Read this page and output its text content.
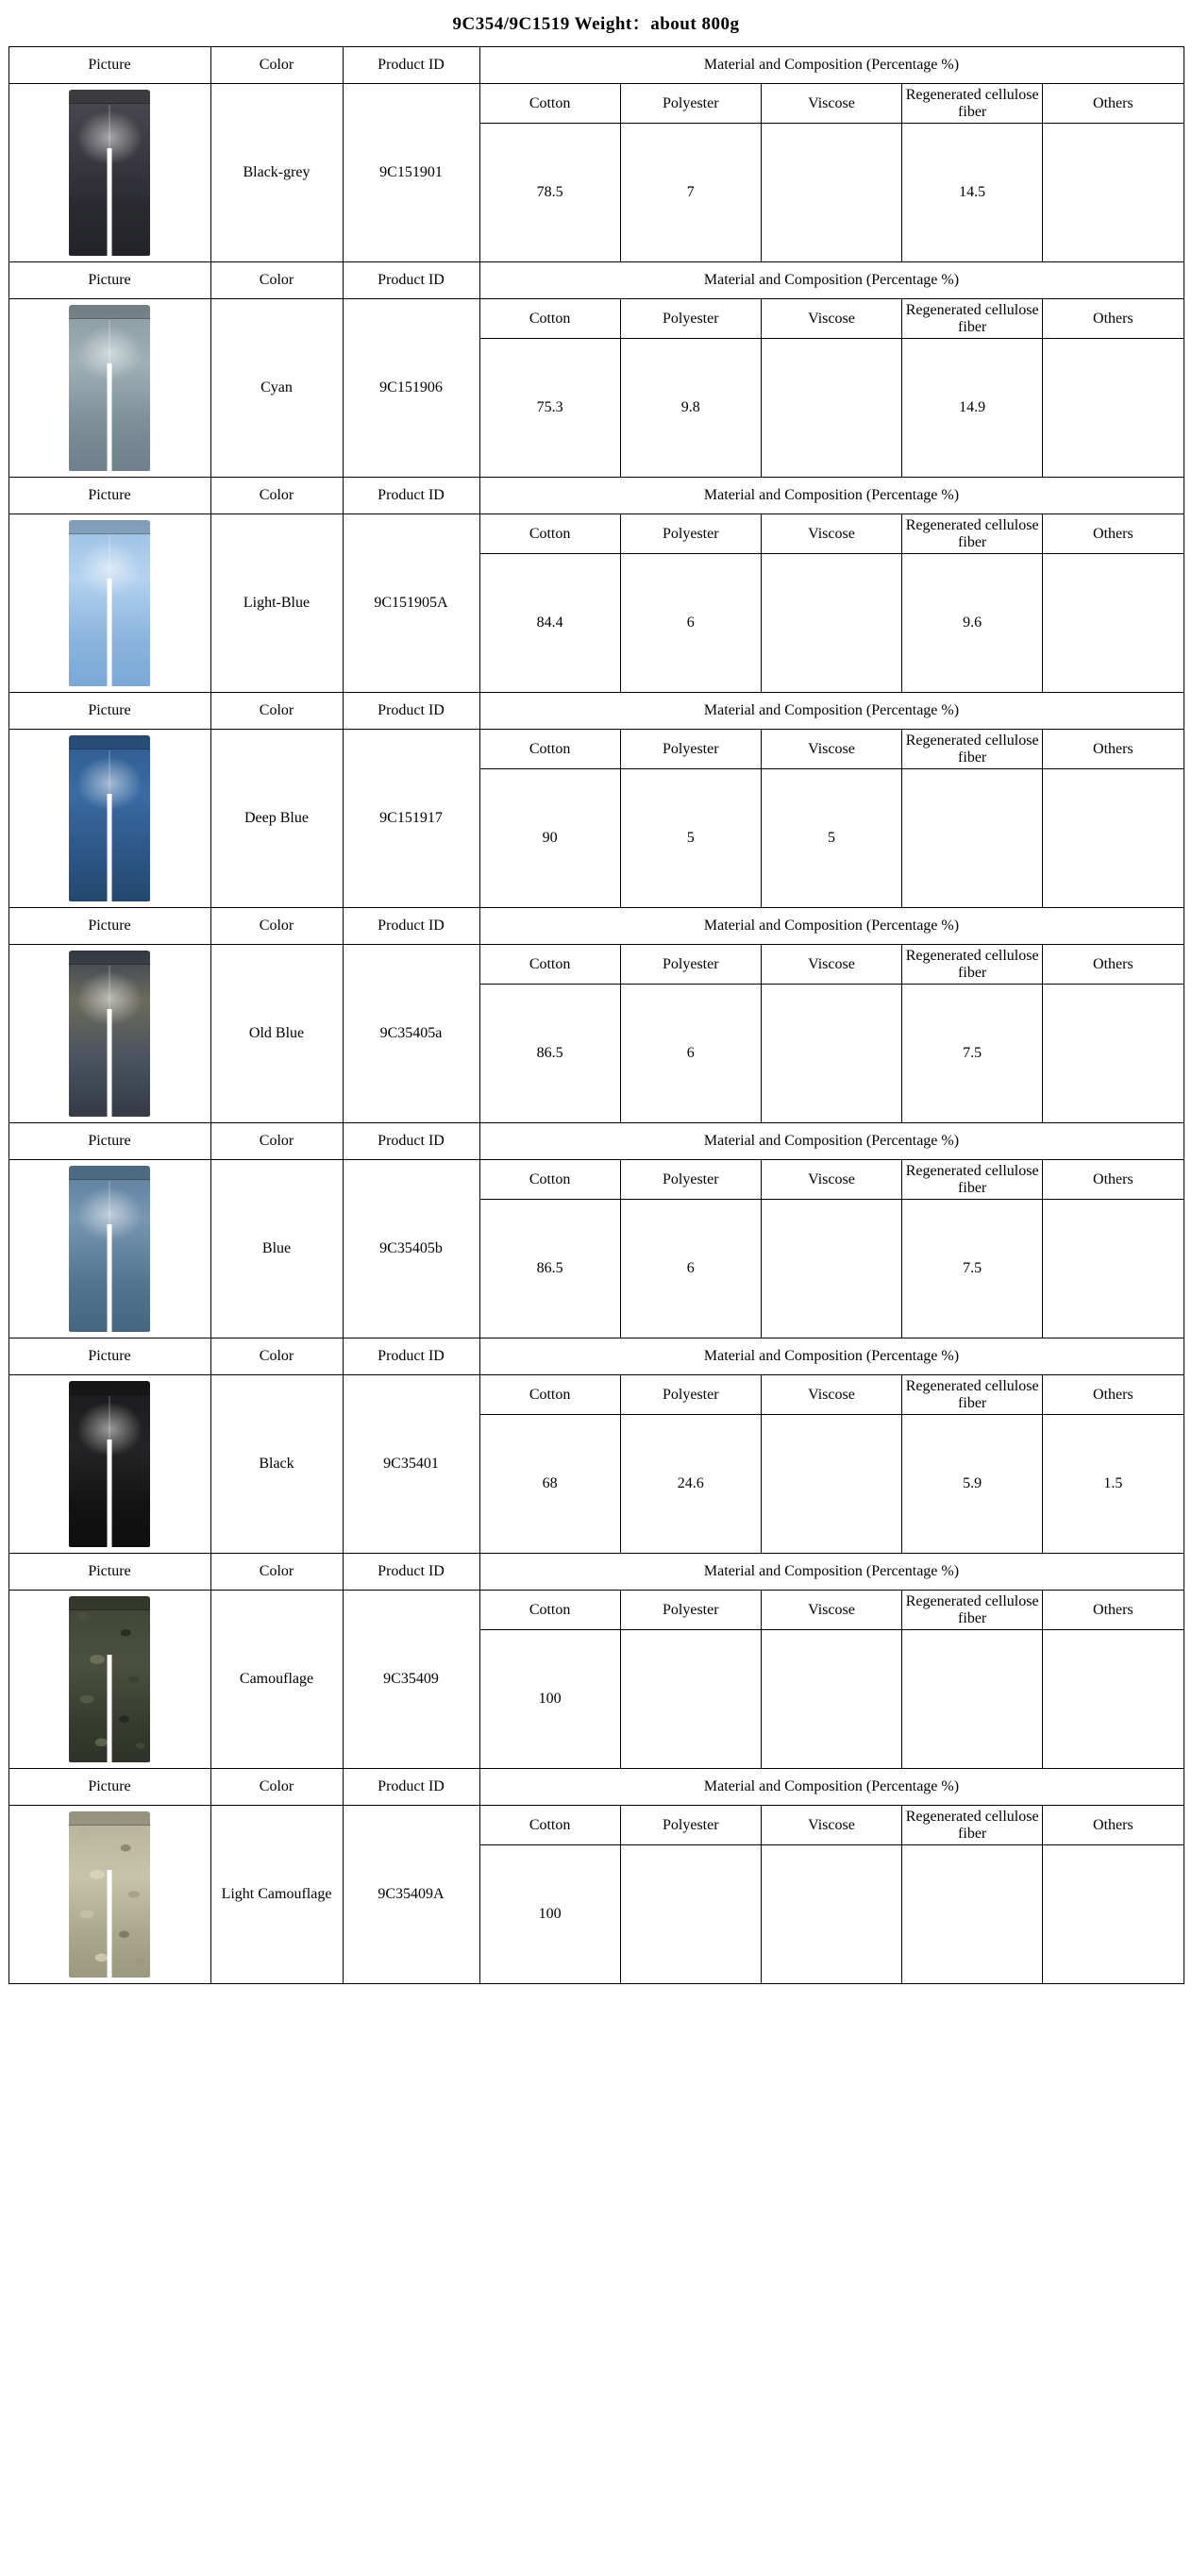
9C354/9C1519 Weight：about 800g
Picture	Color	Product ID	Material and Composition (Percentage %)				

	Black-grey	9C151901	Cotton	Polyester	Viscose	Regenerated cellulose fiber	Others
			78.5	7		14.5	
Picture	Color	Product ID	Material and Composition (Percentage %)				

	Cyan	9C151906	Cotton	Polyester	Viscose	Regenerated cellulose fiber	Others
			75.3	9.8		14.9	
Picture	Color	Product ID	Material and Composition (Percentage %)				

	Light-Blue	9C151905A	Cotton	Polyester	Viscose	Regenerated cellulose fiber	Others
			84.4	6		9.6	
Picture	Color	Product ID	Material and Composition (Percentage %)				

	Deep Blue	9C151917	Cotton	Polyester	Viscose	Regenerated cellulose fiber	Others
			90	5	5		
Picture	Color	Product ID	Material and Composition (Percentage %)				

	Old Blue	9C35405a	Cotton	Polyester	Viscose	Regenerated cellulose fiber	Others
			86.5	6		7.5	
Picture	Color	Product ID	Material and Composition (Percentage %)				

	Blue	9C35405b	Cotton	Polyester	Viscose	Regenerated cellulose fiber	Others
			86.5	6		7.5	
Picture	Color	Product ID	Material and Composition (Percentage %)				

	Black	9C35401	Cotton	Polyester	Viscose	Regenerated cellulose fiber	Others
			68	24.6		5.9	1.5
Picture	Color	Product ID	Material and Composition (Percentage %)				

	Camouflage	9C35409	Cotton	Polyester	Viscose	Regenerated cellulose fiber	Others
			100				
Picture	Color	Product ID	Material and Composition (Percentage %)				

	Light Camouflage	9C35409A	Cotton	Polyester	Viscose	Regenerated cellulose fiber	Others
			100				
